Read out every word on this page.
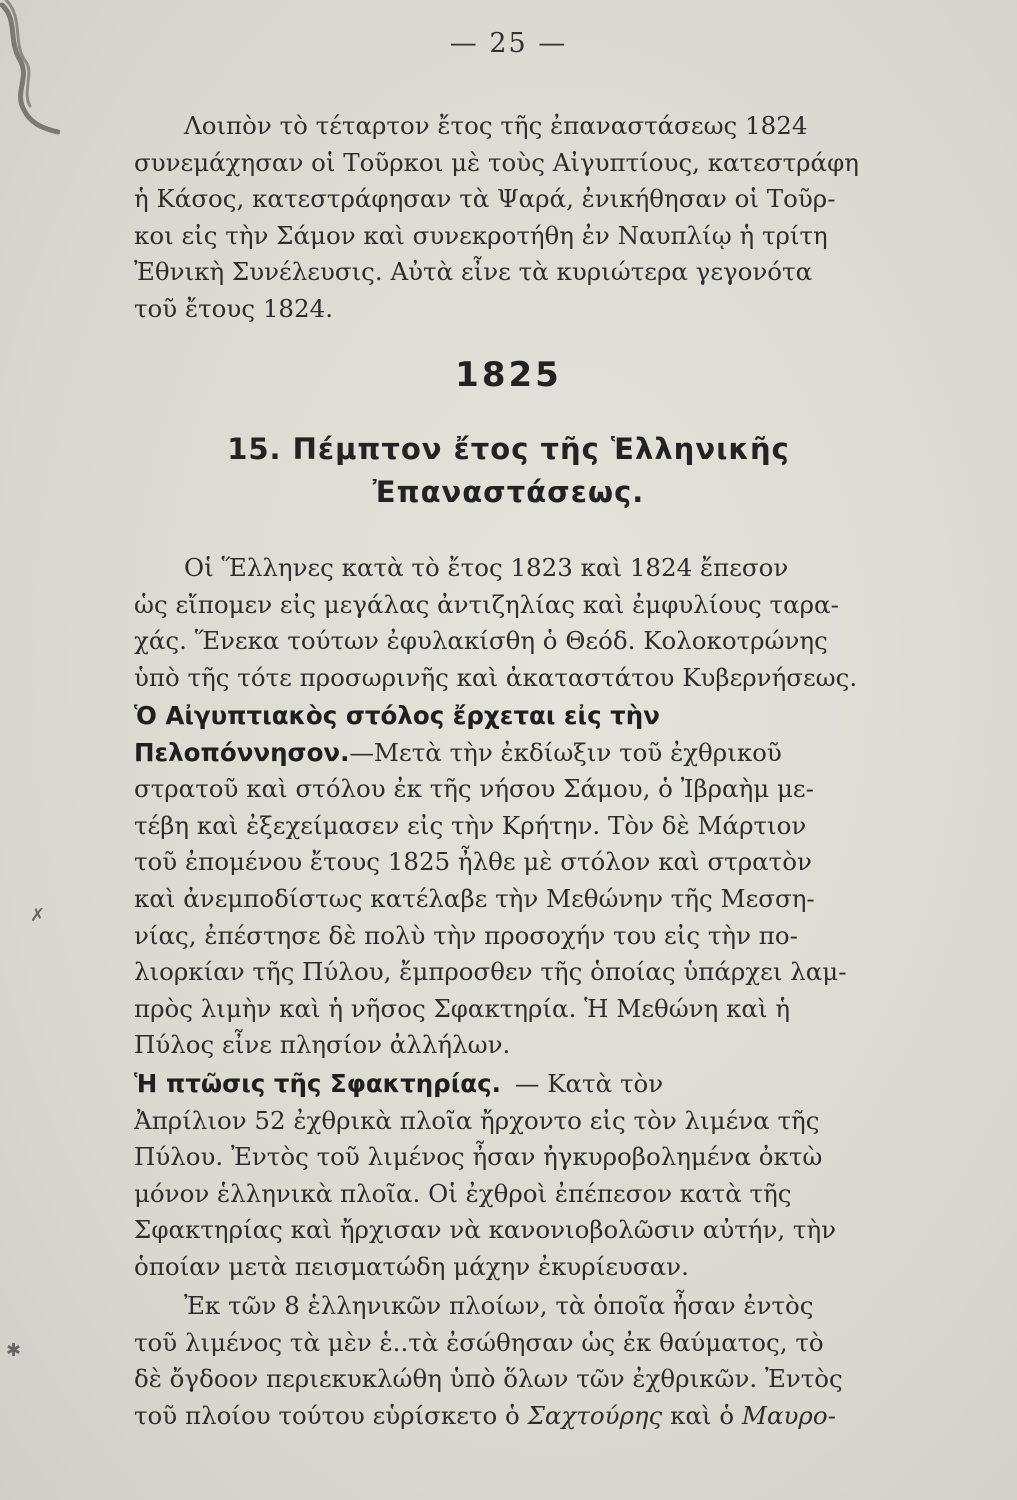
✗
✱
— 25 —
Λοιπὸν τὸ τέταρτον ἔτος τῆς ἐπαναστάσεως 1824
συνεμάχησαν οἱ Τοῦρκοι μὲ τοὺς Αἰγυπτίους, κατεστράφη
ἡ Κάσος, κατεστράφησαν τὰ Ψαρά, ἐνικήθησαν οἱ Τοῦρ-
κοι εἰς τὴν Σάμον καὶ συνεκροτήθη ἐν Ναυπλίῳ ἡ τρίτη
Ἐθνικὴ Συνέλευσις. Αὐτὰ εἶνε τὰ κυριώτερα γεγονότα
τοῦ ἔτους 1824.
1825
15. Πέμπτον ἔτος τῆς Ἑλληνικῆς
Ἐπαναστάσεως.
Οἱ Ἕλληνες κατὰ τὸ ἔτος 1823 καὶ 1824 ἔπεσον
ὡς εἴπομεν εἰς μεγάλας ἀντιζηλίας καὶ ἐμφυλίους ταρα-
χάς. Ἕνεκα τούτων ἐφυλακίσθη ὁ Θεόδ. Κολοκοτρώνης
ὑπὸ τῆς τότε προσωρινῆς καὶ ἀκαταστάτου Κυβερνήσεως.
Ὁ Αἰγυπτιακὸς στόλος ἔρχεται εἰς τὴν
Πελοπόννησον. —Μετὰ τὴν ἐκδίωξιν τοῦ ἐχθρικοῦ
στρατοῦ καὶ στόλου ἐκ τῆς νήσου Σάμου, ὁ Ἰβραὴμ με-
τέβη καὶ ἐξεχείμασεν εἰς τὴν Κρήτην. Τὸν δὲ Μάρτιον
τοῦ ἐπομένου ἔτους 1825 ἦλθε μὲ στόλον καὶ στρατὸν
καὶ ἀνεμποδίστως κατέλαβε τὴν Μεθώνην τῆς Μεσση-
νίας, ἐπέστησε δὲ πολὺ τὴν προσοχήν του εἰς τὴν πο-
λιορκίαν τῆς Πύλου, ἔμπροσθεν τῆς ὁποίας ὑπάρχει λαμ-
πρὸς λιμὴν καὶ ἡ νῆσος Σφακτηρία. Ἡ Μεθώνη καὶ ἡ
Πύλος εἶνε πλησίον ἀλλήλων.
Ἡ πτῶσις τῆς Σφακτηρίας. — Κατὰ τὸν
Ἀπρίλιον 52 ἐχθρικὰ πλοῖα ἤρχοντο εἰς τὸν λιμένα τῆς
Πύλου. Ἐντὸς τοῦ λιμένος ἦσαν ἠγκυροβολημένα ὀκτὼ
μόνον ἑλληνικὰ πλοῖα. Οἱ ἐχθροὶ ἐπέπεσον κατὰ τῆς
Σφακτηρίας καὶ ἤρχισαν νὰ κανονιοβολῶσιν αὐτήν, τὴν
ὁποίαν μετὰ πεισματώδη μάχην ἐκυρίευσαν.
Ἐκ τῶν 8 ἑλληνικῶν πλοίων, τὰ ὁποῖα ἦσαν ἐντὸς
τοῦ λιμένος τὰ μὲν ἑ..τὰ ἐσώθησαν ὡς ἐκ θαύματος, τὸ
δὲ ὄγδοον περιεκυκλώθη ὑπὸ ὅλων τῶν ἐχθρικῶν. Ἐντὸς
τοῦ πλοίου τούτου εὑρίσκετο ὁ
Σαχτούρης
καὶ ὁ
Μαυρο-
